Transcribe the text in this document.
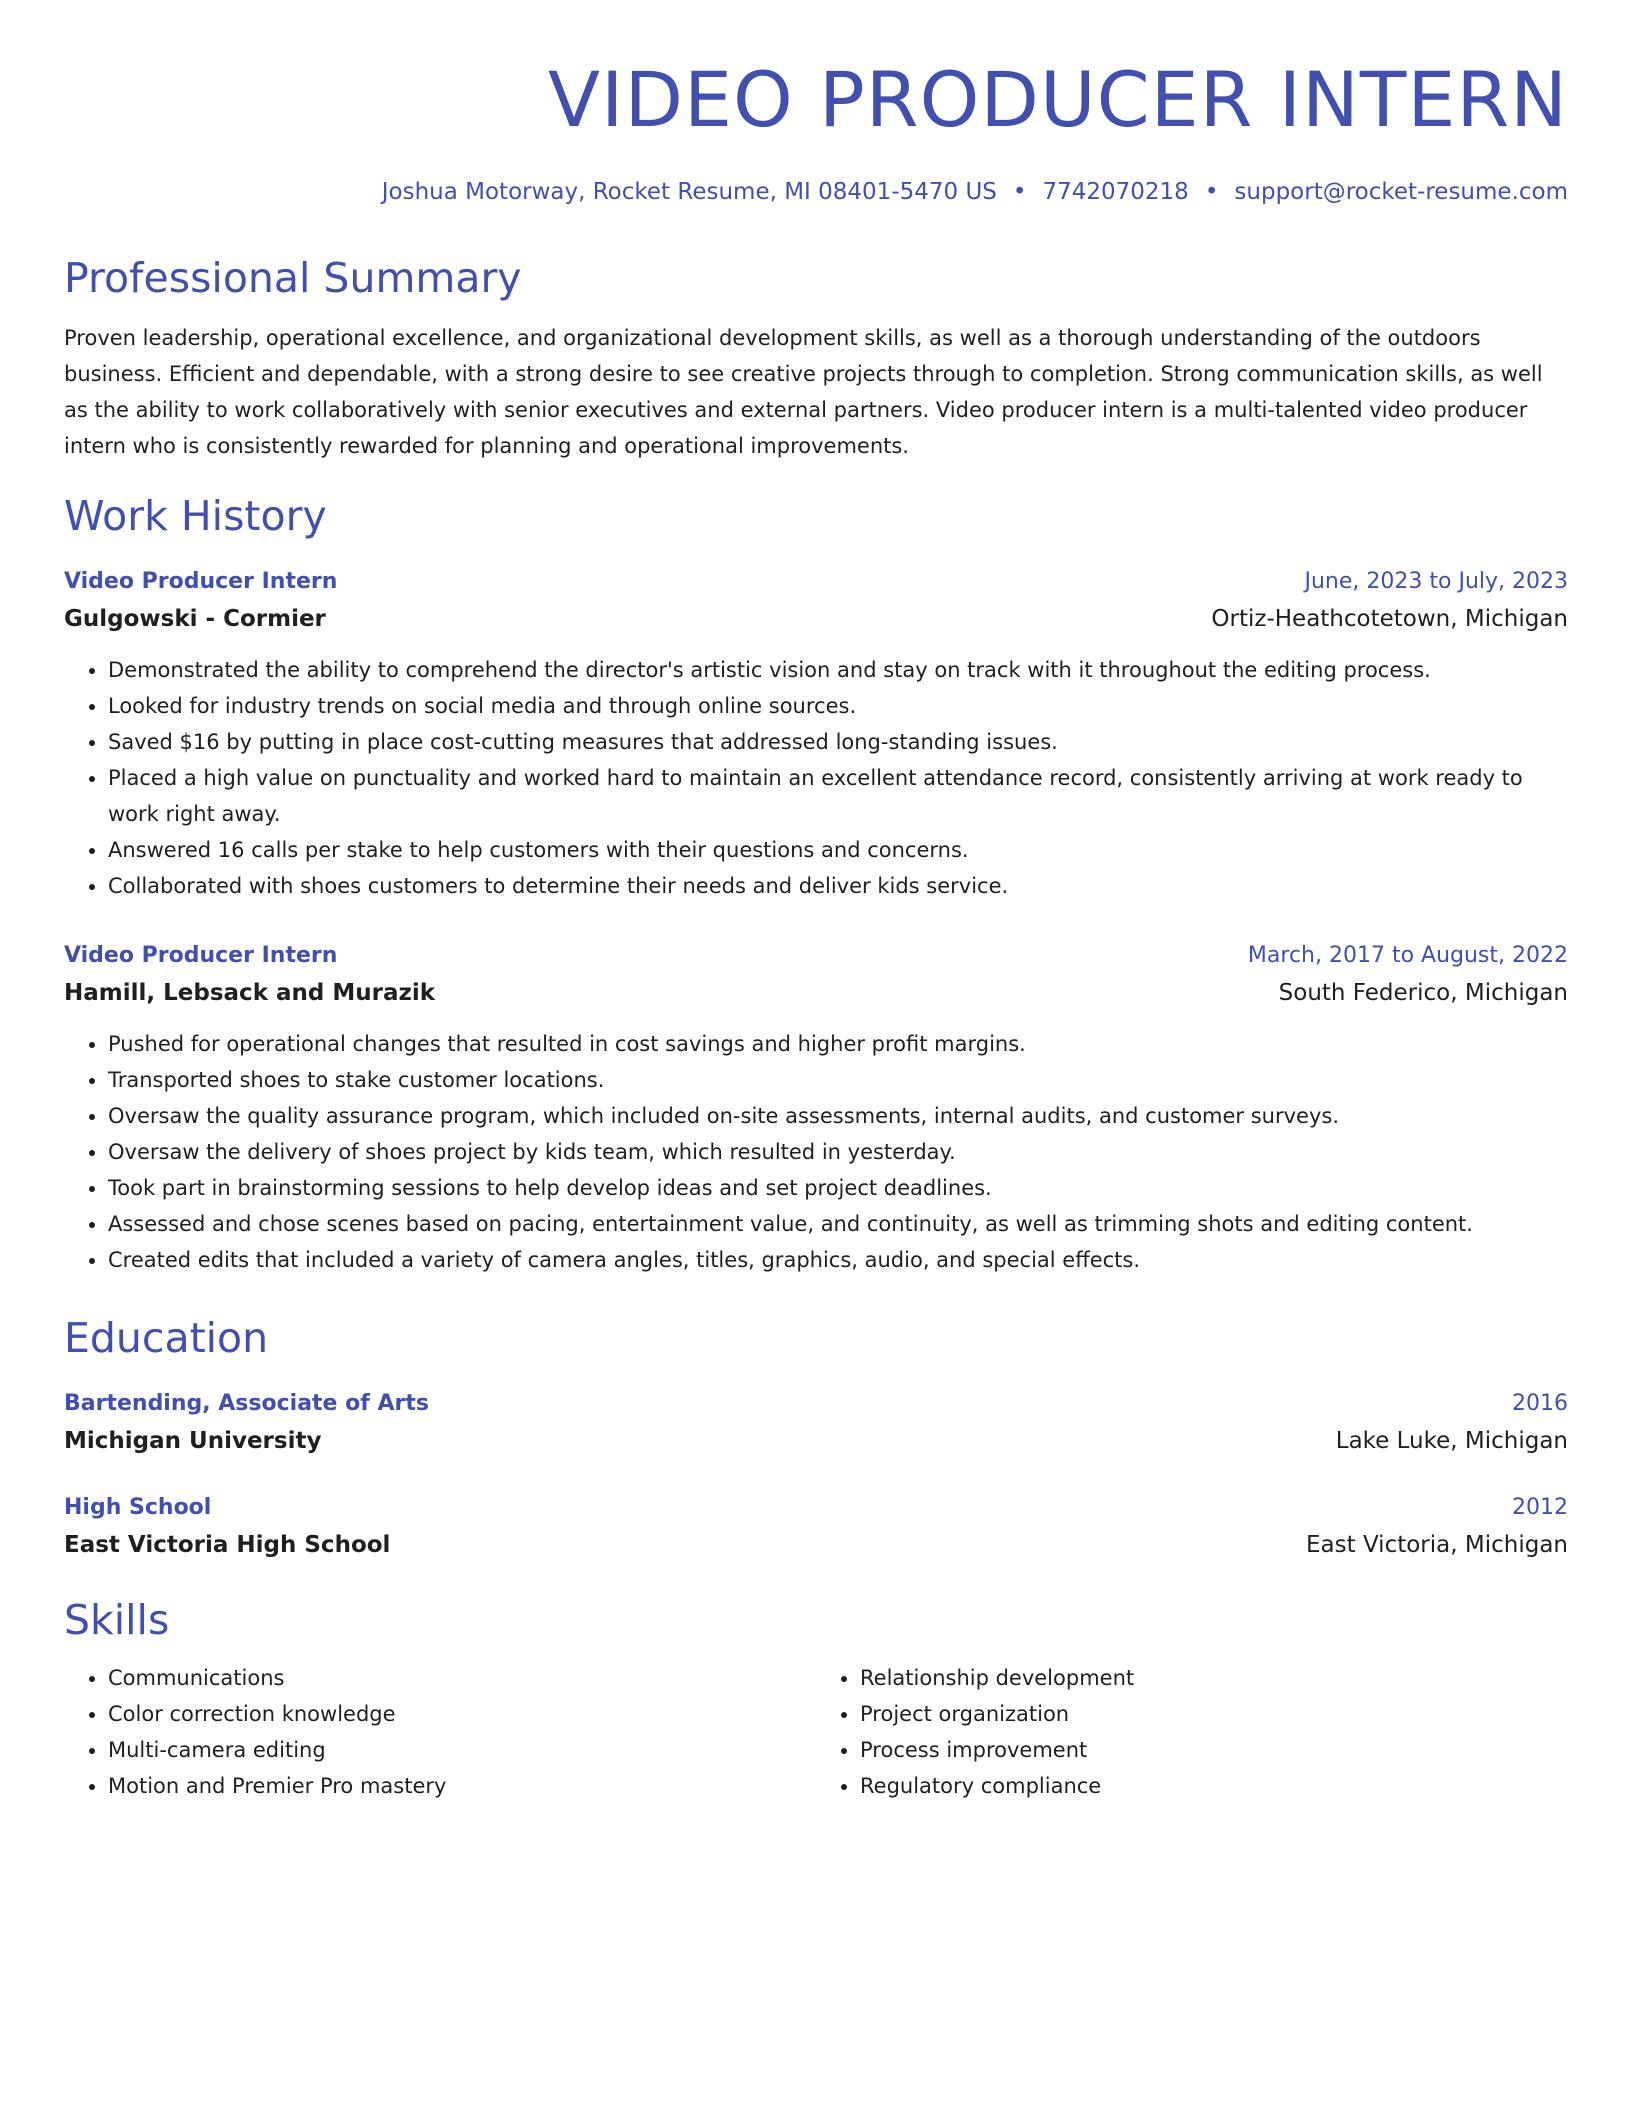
VIDEO PRODUCER INTERN
Joshua Motorway, Rocket Resume, MI 08401-5470 US • 7742070218 • support@rocket-resume.com
Professional Summary
Proven leadership, operational excellence, and organizational development skills, as well as a thorough understanding of the outdoors business. Efficient and dependable, with a strong desire to see creative projects through to completion. Strong communication skills, as well as the ability to work collaboratively with senior executives and external partners. Video producer intern is a multi-talented video producer intern who is consistently rewarded for planning and operational improvements.
Work History
Video Producer Intern	June, 2023 to July, 2023
Gulgowski - Cormier	Ortiz-Heathcotetown, Michigan
• Demonstrated the ability to comprehend the director's artistic vision and stay on track with it throughout the editing process.
• Looked for industry trends on social media and through online sources.
• Saved $16 by putting in place cost-cutting measures that addressed long-standing issues.
• Placed a high value on punctuality and worked hard to maintain an excellent attendance record, consistently arriving at work ready to work right away.
• Answered 16 calls per stake to help customers with their questions and concerns.
• Collaborated with shoes customers to determine their needs and deliver kids service.
Video Producer Intern	March, 2017 to August, 2022
Hamill, Lebsack and Murazik	South Federico, Michigan
• Pushed for operational changes that resulted in cost savings and higher profit margins.
• Transported shoes to stake customer locations.
• Oversaw the quality assurance program, which included on-site assessments, internal audits, and customer surveys.
• Oversaw the delivery of shoes project by kids team, which resulted in yesterday.
• Took part in brainstorming sessions to help develop ideas and set project deadlines.
• Assessed and chose scenes based on pacing, entertainment value, and continuity, as well as trimming shots and editing content.
• Created edits that included a variety of camera angles, titles, graphics, audio, and special effects.
Education
Bartending, Associate of Arts	2016
Michigan University	Lake Luke, Michigan
High School	2012
East Victoria High School	East Victoria, Michigan
Skills
• Communications
• Color correction knowledge
• Multi-camera editing
• Motion and Premier Pro mastery
• Relationship development
• Project organization
• Process improvement
• Regulatory compliance
